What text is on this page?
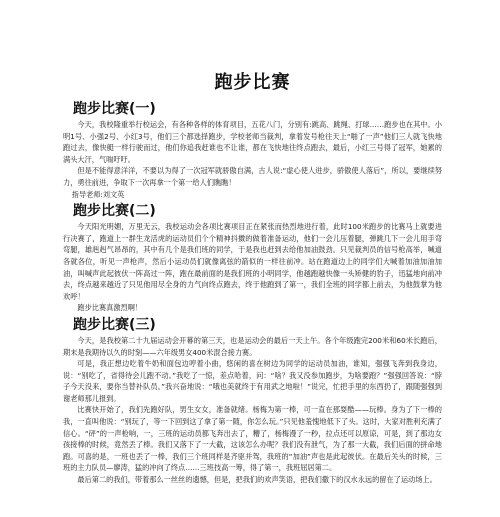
跑步比赛
跑步比赛(一)

今天，我校隆重举行校运会，有各种各样的体育项目，五花八门，分别有:跳高、跳绳、打球……跑步也在其中。小明1号、小强2号、小红3号，他们三个都选择跑步，学校老师当裁判，拿着发号枪往天上“啪了一声”他们三人就飞快地跑过去，像快艇一样行驶而过，他们你追我赶谁也不让谁，都在飞快地往终点跑去，最后，小红三号得了冠军，她累的满头大汗，气喘吁吁。

但是不能得意洋洋，不要以为得了一次冠军就骄傲自满，古人说:“虚心使人进步，骄傲使人落后”，所以，要继续努力，勇往前进，争取下一次再拿一个第一给人们瞧瞧！

指导老师:刘文英

跑步比赛(二)

今天阳光明媚，万里无云，我校运动会各项比赛项目正在紧张而热烈地进行着，此时100米跑步的比赛马上就要进行决赛了，跑道上一群生龙活虎的运动员们个个精神抖擞的做着准备运动，他们一会儿压着腿，弹跳几下一会儿用手弯弯腿，雄赳赳气昂昂的，其中有几个是我们班的同学，于是我也赶到去给他加油鼓劲。只见裁判员的信号枪高举，喊道各就各位，听见一声枪声，然后小运动员们就像离弦的箭似的一样往前冲。站在跑道边上的同学们大喊着加油加油加油，叫喊声此起彼伏一阵高过一阵，跑在最前面的是我们班的小明同学，他越跑越快像一头矫健的豹子，迅猛地向前冲去，终点越来越近了只见他用尽全身的力气向终点跑去，终于他跑到了第一，我们全班的同学都上前去，为他鼓掌为他欢呼！

跑步比赛真激烈啊！

跑步比赛(三)

今天，是我校第二十九届运动会开幕的第三天，也是运动会的最后一天上午。各个年级跑完200米和60米长跑后，期末是我期待以久的时刻——六年级男女400米混合接力赛。

可是，我正想边吃着牛奶和面包边哼着小曲，悠闲的喜在树边为同学的运动员加油，谁知，强强飞奔到我身边，说：“别吃了，省得待会儿跑不动。”我吃了一惊，差点哈着，问：“啥？我又没参加跑步，为啥要跑？”强强回答说：“脖子今天没来，要你当替补队员。”我兴奋地说：“哦也美就终于有用武之地啦！”说完，忙把手里的东西扔了，跟随强强到谢老师那儿报到。

比赛快开始了，我们先跑好队，男生女女，准备就绪。杨梅为第一棒，可一直在那耍酷——玩棒。身为了下一棒的我，一直叫他说：“别玩了，等一下回到这了拿了第一随，你怎么玩。”只见他羞愧地低下了头。这时，大家对胜利充满了信心。“砰”的一声枪响，一，三班的运动员都飞奔出去了，糟了，杨梅漫了一秒，拉点还可以原谅，可是，到了那边女孩接棒的时候，竟然丢了棒。我们又落下了一大截，这该怎么办呢？我们没有泄气，为了那一大截，我们后面的拼命地跑。可喜的是，一班也丢了一棒，我们三个班同样是齐驱并驾，我班的“加油”声也是此起彼伏。在最后关头的时候，三班的主力队员—廖涛，猛的冲向了终点……三班技高一筹，得了第一，我班屈居第二。

最后第二的我们，带着那么一丝丝的遗憾，但是，把我们的欢声笑语，把我们撒下的汉水永远的留在了运动场上。
